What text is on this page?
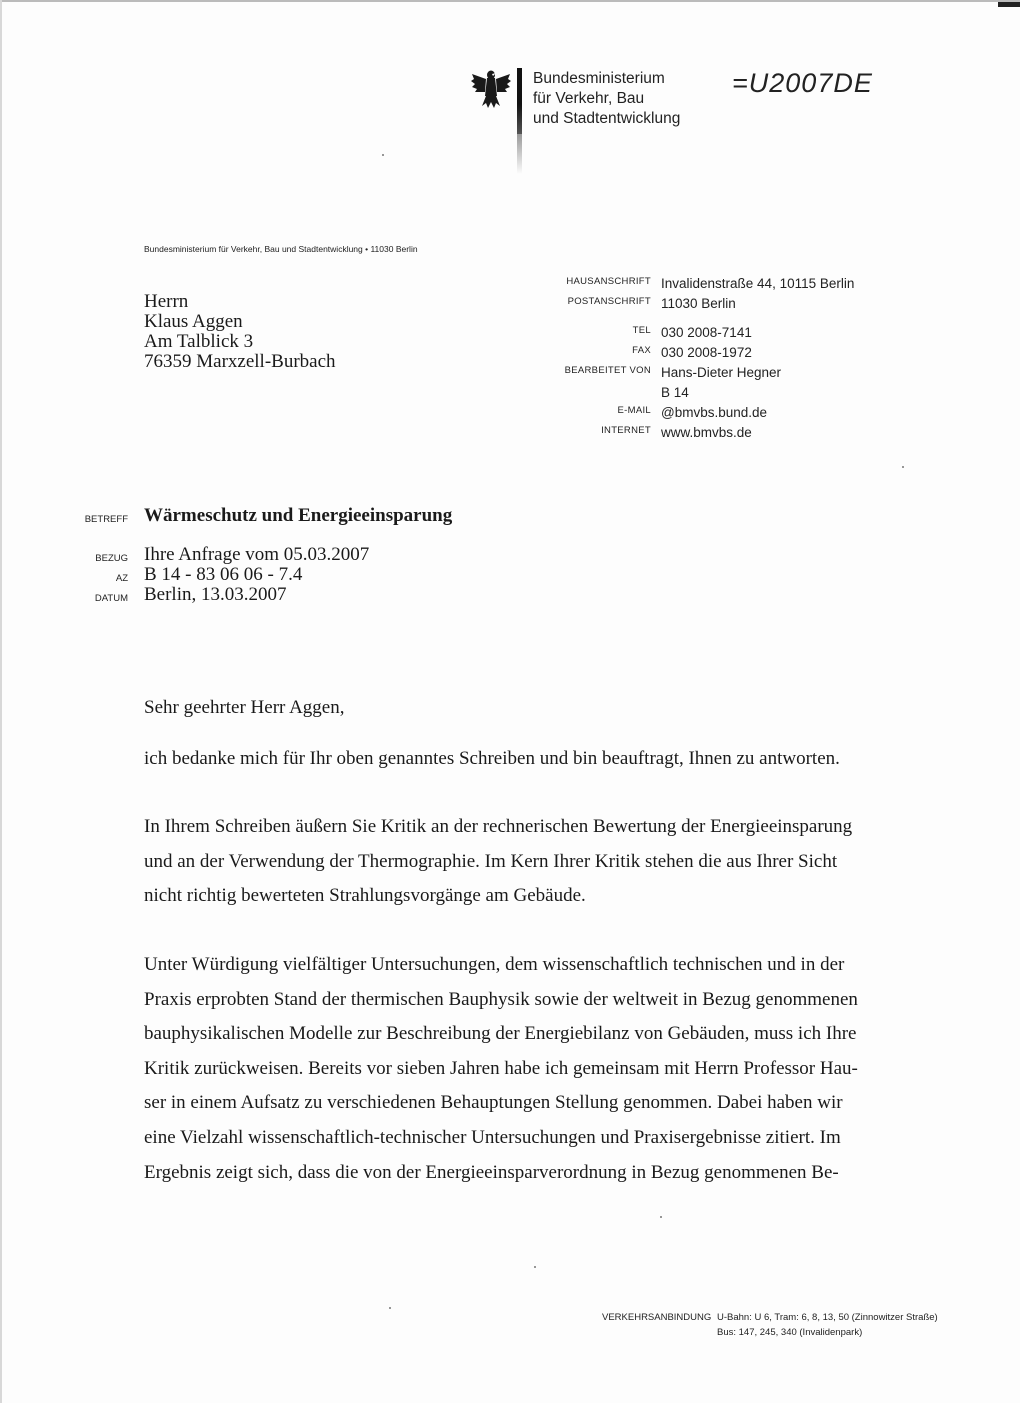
Bundesministerium
für Verkehr, Bau
und Stadtentwicklung
=U2007DE
Bundesministerium für Verkehr, Bau und Stadtentwicklung • 11030 Berlin
Herrn
Klaus Aggen
Am Talblick 3
76359 Marxzell-Burbach
HAUSANSCHRIFT Invalidenstraße 44, 10115 Berlin
POSTANSCHRIFT 11030 Berlin
TEL 030 2008-7141
FAX 030 2008-1972
BEARBEITET VON Hans-Dieter Hegner
B 14
E-MAIL @bmvbs.bund.de
INTERNET www.bmvbs.de
BETREFF Wärmeschutz und Energieeinsparung
BEZUG Ihre Anfrage vom 05.03.2007
AZ B 14 - 83 06 06 - 7.4
DATUM Berlin, 13.03.2007
Sehr geehrter Herr Aggen,
ich bedanke mich für Ihr oben genanntes Schreiben und bin beauftragt, Ihnen zu antworten.
In Ihrem Schreiben äußern Sie Kritik an der rechnerischen Bewertung der Energieeinsparung
und an der Verwendung der Thermographie. Im Kern Ihrer Kritik stehen die aus Ihrer Sicht
nicht richtig bewerteten Strahlungsvorgänge am Gebäude.
Unter Würdigung vielfältiger Untersuchungen, dem wissenschaftlich technischen und in der
Praxis erprobten Stand der thermischen Bauphysik sowie der weltweit in Bezug genommenen
bauphysikalischen Modelle zur Beschreibung der Energiebilanz von Gebäuden, muss ich Ihre
Kritik zurückweisen. Bereits vor sieben Jahren habe ich gemeinsam mit Herrn Professor Hau-
ser in einem Aufsatz zu verschiedenen Behauptungen Stellung genommen. Dabei haben wir
eine Vielzahl wissenschaftlich-technischer Untersuchungen und Praxisergebnisse zitiert. Im
Ergebnis zeigt sich, dass die von der Energieeinsparverordnung in Bezug genommenen Be-
VERKEHRSANBINDUNG U-Bahn: U 6, Tram: 6, 8, 13, 50 (Zinnowitzer Straße)
Bus: 147, 245, 340 (Invalidenpark)
